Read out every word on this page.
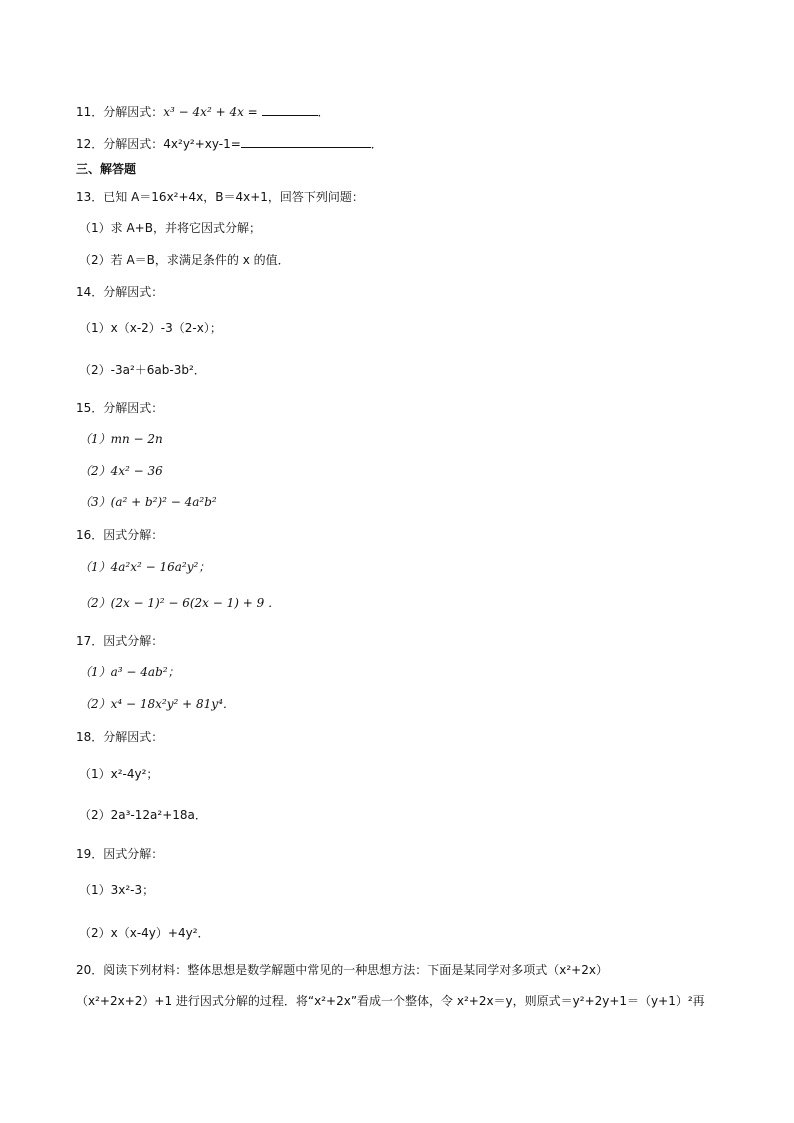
11．分解因式：x³ − 4x² + 4x =	．
12．分解因式：4x²y²+xy-1=	．
三、解答题
13．已知 A＝16x²+4x，B＝4x+1，回答下列问题：
（1）求 A+B，并将它因式分解；
（2）若 A＝B，求满足条件的 x 的值．
14．分解因式：
（1）x（x-2）-3（2-x）；
（2）-3a²＋6ab-3b²．
15．分解因式：
（1）mn − 2n
（2）4x² − 36
（3）(a² + b²)² − 4a²b²
16．因式分解：
（1）4a²x² − 16a²y²；
（2）(2x − 1)² − 6(2x − 1) + 9 ．
17．因式分解：
（1）a³ − 4ab²；
（2）x⁴ − 18x²y² + 81y⁴．
18．分解因式：
（1）x²-4y²；
（2）2a³-12a²+18a．
19．因式分解：
（1）3x²-3；
（2）x（x-4y）+4y²．
20．阅读下列材料：整体思想是数学解题中常见的一种思想方法：下面是某同学对多项式（x²+2x）
（x²+2x+2）+1 进行因式分解的过程．将“x²+2x”看成一个整体，令 x²+2x＝y，则原式＝y²+2y+1＝（y+1）²再
